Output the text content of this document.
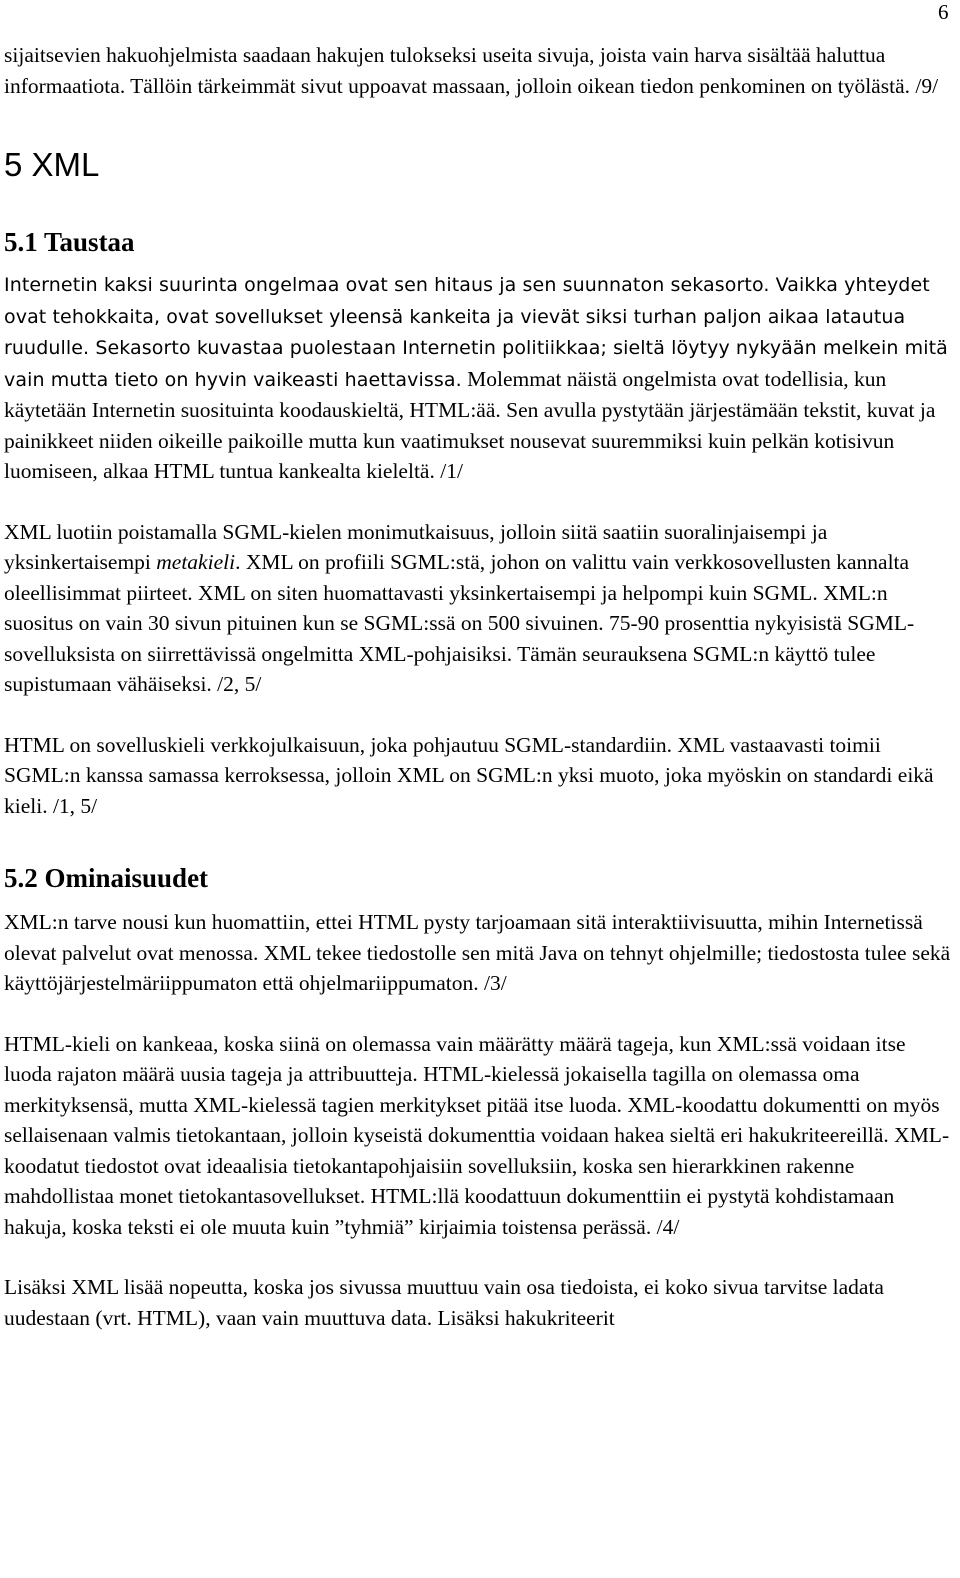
6

sijaitsevien hakuohjelmista saadaan hakujen tulokseksi useita sivuja, joista vain harva sisältää haluttua informaatiota. Tällöin tärkeimmät sivut uppoavat massaan, jolloin oikean tiedon penkominen on työlästä. /9/

5 XML
5.1 Taustaa

Internetin kaksi suurinta ongelmaa ovat sen hitaus ja sen suunnaton sekasorto. Vaikka yhteydet ovat tehokkaita, ovat sovellukset yleensä kankeita ja vievät siksi turhan paljon aikaa latautua ruudulle. Sekasorto kuvastaa puolestaan Internetin politiikkaa; sieltä löytyy nykyään melkein mitä vain mutta tieto on hyvin vaikeasti haettavissa. Molemmat näistä ongelmista ovat todellisia, kun käytetään Internetin suosituinta koodauskieltä, HTML:ää. Sen avulla pystytään järjestämään tekstit, kuvat ja painikkeet niiden oikeille paikoille mutta kun vaatimukset nousevat suuremmiksi kuin pelkän kotisivun luomiseen, alkaa HTML tuntua kankealta kieleltä. /1/

XML luotiin poistamalla SGML-kielen monimutkaisuus, jolloin siitä saatiin suoralinjaisempi ja yksinkertaisempi metakieli. XML on profiili SGML:stä, johon on valittu vain verkkosovellusten kannalta oleellisimmat piirteet. XML on siten huomattavasti yksinkertaisempi ja helpompi kuin SGML. XML:n suositus on vain 30 sivun pituinen kun se SGML:ssä on 500 sivuinen. 75-90 prosenttia nykyisistä SGML-sovelluksista on siirrettävissä ongelmitta XML-pohjaisiksi. Tämän seurauksena SGML:n käyttö tulee supistumaan vähäiseksi. /2, 5/

HTML on sovelluskieli verkkojulkaisuun, joka pohjautuu SGML-standardiin. XML vastaavasti toimii SGML:n kanssa samassa kerroksessa, jolloin XML on SGML:n yksi muoto, joka myöskin on standardi eikä kieli. /1, 5/

5.2 Ominaisuudet

XML:n tarve nousi kun huomattiin, ettei HTML pysty tarjoamaan sitä interaktiivisuutta, mihin Internetissä olevat palvelut ovat menossa. XML tekee tiedostolle sen mitä Java on tehnyt ohjelmille; tiedostosta tulee sekä käyttöjärjestelmäriippumaton että ohjelmariippumaton. /3/

HTML-kieli on kankeaa, koska siinä on olemassa vain määrätty määrä tageja, kun XML:ssä voidaan itse luoda rajaton määrä uusia tageja ja attribuutteja. HTML-kielessä jokaisella tagilla on olemassa oma merkityksensä, mutta XML-kielessä tagien merkitykset pitää itse luoda. XML-koodattu dokumentti on myös sellaisenaan valmis tietokantaan, jolloin kyseistä dokumenttia voidaan hakea sieltä eri hakukriteereillä. XML-koodatut tiedostot ovat ideaalisia tietokantapohjaisiin sovelluksiin, koska sen hierarkkinen rakenne mahdollistaa monet tietokantasovellukset. HTML:llä koodattuun dokumenttiin ei pystytä kohdistamaan hakuja, koska teksti ei ole muuta kuin ”tyhmiä” kirjaimia toistensa perässä. /4/

Lisäksi XML lisää nopeutta, koska jos sivussa muuttuu vain osa tiedoista, ei koko sivua tarvitse ladata uudestaan (vrt. HTML), vaan vain muuttuva data. Lisäksi hakukriteerit
